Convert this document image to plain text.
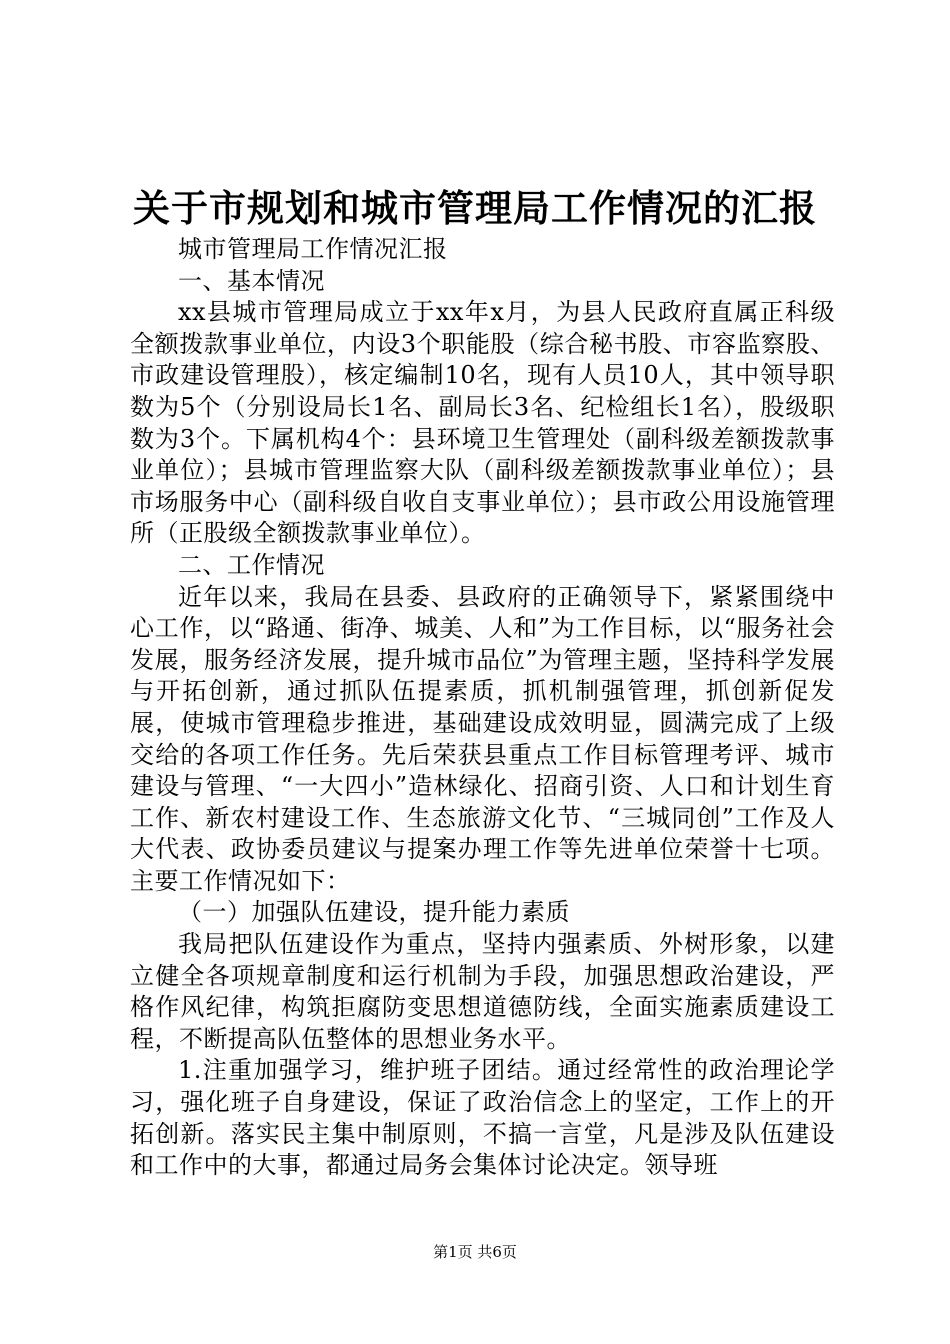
关于市规划和城市管理局工作情况的汇报

城市管理局工作情况汇报

一、基本情况

xx县城市管理局成立于xx年x月，为县人民政府直属正科级全额拨款事业单位，内设3个职能股（综合秘书股、市容监察股、市政建设管理股），核定编制10名，现有人员10人，其中领导职数为5个（分别设局长1名、副局长3名、纪检组长1名），股级职数为3个。下属机构4个：县环境卫生管理处（副科级差额拨款事业单位）；县城市管理监察大队（副科级差额拨款事业单位）；县市场服务中心（副科级自收自支事业单位）；县市政公用设施管理所（正股级全额拨款事业单位）。

二、工作情况

近年以来，我局在县委、县政府的正确领导下，紧紧围绕中心工作，以“路通、街净、城美、人和”为工作目标，以“服务社会发展，服务经济发展，提升城市品位”为管理主题，坚持科学发展与开拓创新，通过抓队伍提素质，抓机制强管理，抓创新促发展，使城市管理稳步推进，基础建设成效明显，圆满完成了上级交给的各项工作任务。先后荣获县重点工作目标管理考评、城市建设与管理、“一大四小”造林绿化、招商引资、人口和计划生育工作、新农村建设工作、生态旅游文化节、“三城同创”工作及人大代表、政协委员建议与提案办理工作等先进单位荣誉十七项。主要工作情况如下：

（一）加强队伍建设，提升能力素质

我局把队伍建设作为重点，坚持内强素质、外树形象，以建立健全各项规章制度和运行机制为手段，加强思想政治建设，严格作风纪律，构筑拒腐防变思想道德防线，全面实施素质建设工程，不断提高队伍整体的思想业务水平。

1.注重加强学习，维护班子团结。通过经常性的政治理论学习，强化班子自身建设，保证了政治信念上的坚定，工作上的开拓创新。落实民主集中制原则，不搞一言堂，凡是涉及队伍建设和工作中的大事，都通过局务会集体讨论决定。领导班

第1页 共6页
